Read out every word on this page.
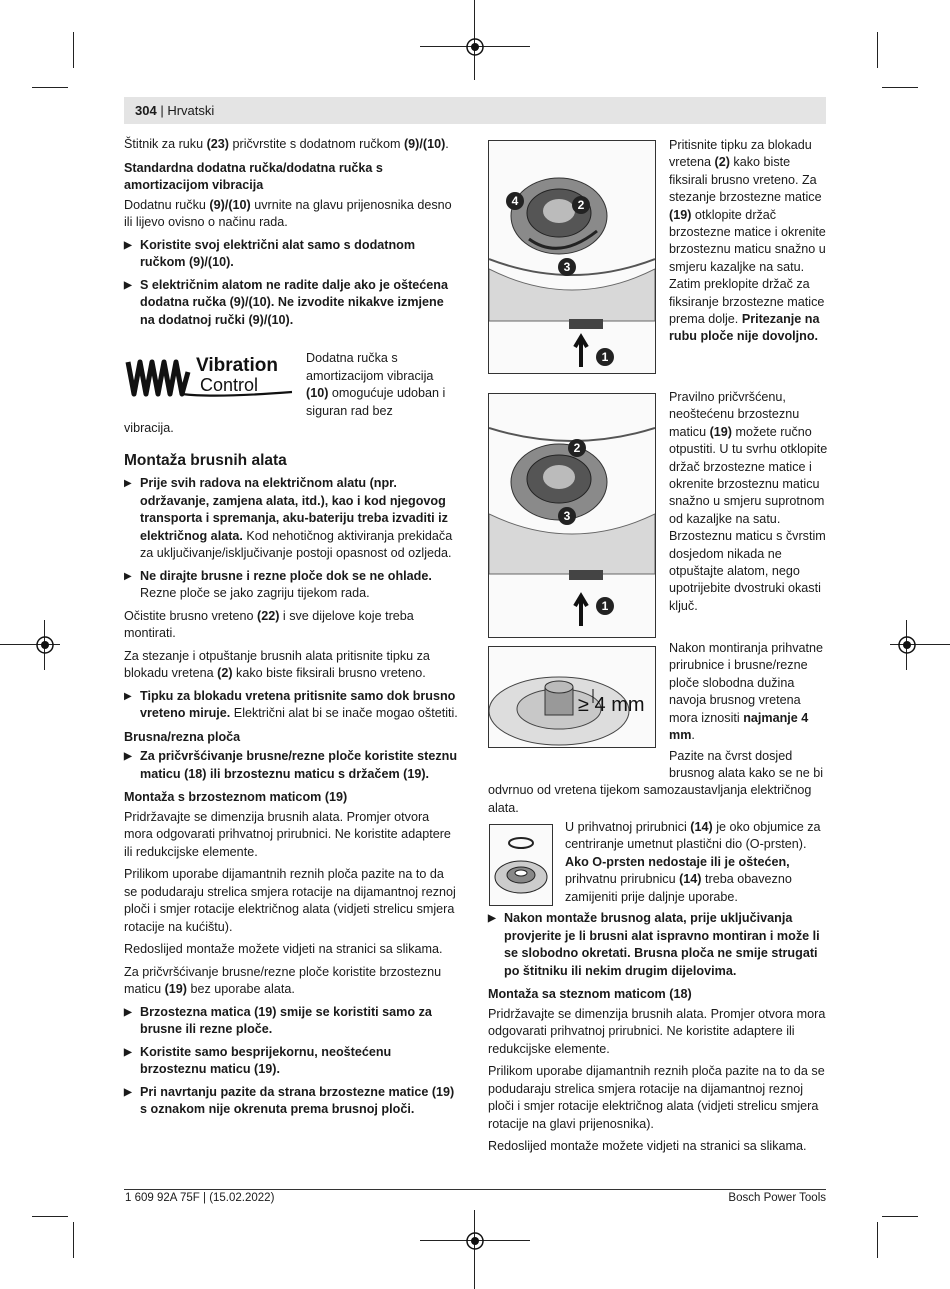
304 | Hrvatski

Štitnik za ruku (23) pričvrstite s dodatnom ručkom (9)/(10).

Standardna dodatna ručka/dodatna ručka s amortizacijom vibracija

Dodatnu ručku (9)/(10) uvrnite na glavu prijenosnika desno ili lijevo ovisno o načinu rada.

▶ Koristite svoj električni alat samo s dodatnom ručkom (9)/(10).
▶ S električnim alatom ne radite dalje ako je oštećena dodatna ručka (9)/(10). Ne izvodite nikakve izmjene na dodatnoj ručki (9)/(10).
Vibration
Control
Dodatna ručka s amortizacijom vibracija (10) omogućuje udoban i siguran rad bez

vibracija.

Montaža brusnih alata
▶ Prije svih radova na električnom alatu (npr. održavanje, zamjena alata, itd.), kao i kod njegovog transporta i spremanja, aku-bateriju treba izvaditi iz električnog alata. Kod nehotičnog aktiviranja prekidača za uključivanje/isključivanje postoji opasnost od ozljeda.
▶ Ne dirajte brusne i rezne ploče dok se ne ohlade. Rezne ploče se jako zagriju tijekom rada.

Očistite brusno vreteno (22) i sve dijelove koje treba montirati.

Za stezanje i otpuštanje brusnih alata pritisnite tipku za blokadu vretena (2) kako biste fiksirali brusno vreteno.

▶ Tipku za blokadu vretena pritisnite samo dok brusno vreteno miruje. Električni alat bi se inače mogao oštetiti.
Brusna/rezna ploča
▶ Za pričvršćivanje brusne/rezne ploče koristite steznu maticu (18) ili brzosteznu maticu s držačem (19).
Montaža s brzosteznom maticom (19)

Pridržavajte se dimenzija brusnih alata. Promjer otvora mora odgovarati prihvatnoj prirubnici. Ne koristite adaptere ili redukcijske elemente.

Prilikom uporabe dijamantnih reznih ploča pazite na to da se podudaraju strelica smjera rotacije na dijamantnoj reznoj ploči i smjer rotacije električnog alata (vidjeti strelicu smjera rotacije na kućištu).

Redoslijed montaže možete vidjeti na stranici sa slikama.

Za pričvršćivanje brusne/rezne ploče koristite brzosteznu maticu (19) bez uporabe alata.

▶ Brzostezna matica (19) smije se koristiti samo za brusne ili rezne ploče.
▶ Koristite samo besprijekornu, neoštećenu brzosteznu maticu (19).
▶ Pri navrtanju pazite da strana brzostezne matice (19) s oznakom nije okrenuta prema brusnoj ploči.
4	2
3
1
Pritisnite tipku za blokadu vretena (2) kako biste fiksirali brusno vreteno. Za stezanje brzostezne matice (19) otklopite držač brzostezne matice i okrenite brzosteznu maticu snažno u smjeru kazaljke na satu. Zatim preklopite držač za fiksiranje brzostezne matice prema dolje. Pritezanje na rubu ploče nije dovoljno.
2
3
1
Pravilno pričvršćenu, neoštećenu brzosteznu maticu (19) možete ručno otpustiti. U tu svrhu otklopite držač brzostezne matice i okrenite brzosteznu maticu snažno u smjeru suprotnom od kazaljke na satu. Brzosteznu maticu s čvrstim dosjedom nikada ne otpuštajte alatom, nego upotrijebite dvostruki okasti ključ.
≥ 4 mm
Nakon montiranja prihvatne prirubnice i brusne/rezne ploče slobodna dužina navoja brusnog vretena mora iznositi najmanje 4 mm.
Pazite na čvrst dosjed brusnog alata kako se ne bi

odvrnuo od vretena tijekom samozaustavljanja električnog alata.

U prihvatnoj prirubnici (14) je oko objumice za centriranje umetnut plastični dio (O-prsten). Ako O-prsten nedostaje ili je oštećen, prihvatnu prirubnicu (14) treba obavezno zamijeniti prije daljnje uporabe.
▶ Nakon montaže brusnog alata, prije uključivanja provjerite je li brusni alat ispravno montiran i može li se slobodno okretati. Brusna ploča ne smije strugati po štitniku ili nekim drugim dijelovima.
Montaža sa steznom maticom (18)

Pridržavajte se dimenzija brusnih alata. Promjer otvora mora odgovarati prihvatnoj prirubnici. Ne koristite adaptere ili redukcijske elemente.

Prilikom uporabe dijamantnih reznih ploča pazite na to da se podudaraju strelica smjera rotacije na dijamantnoj reznoj ploči i smjer rotacije električnog alata (vidjeti strelicu smjera rotacije na glavi prijenosnika).

Redoslijed montaže možete vidjeti na stranici sa slikama.

1 609 92A 75F | (15.02.2022)	Bosch Power Tools
